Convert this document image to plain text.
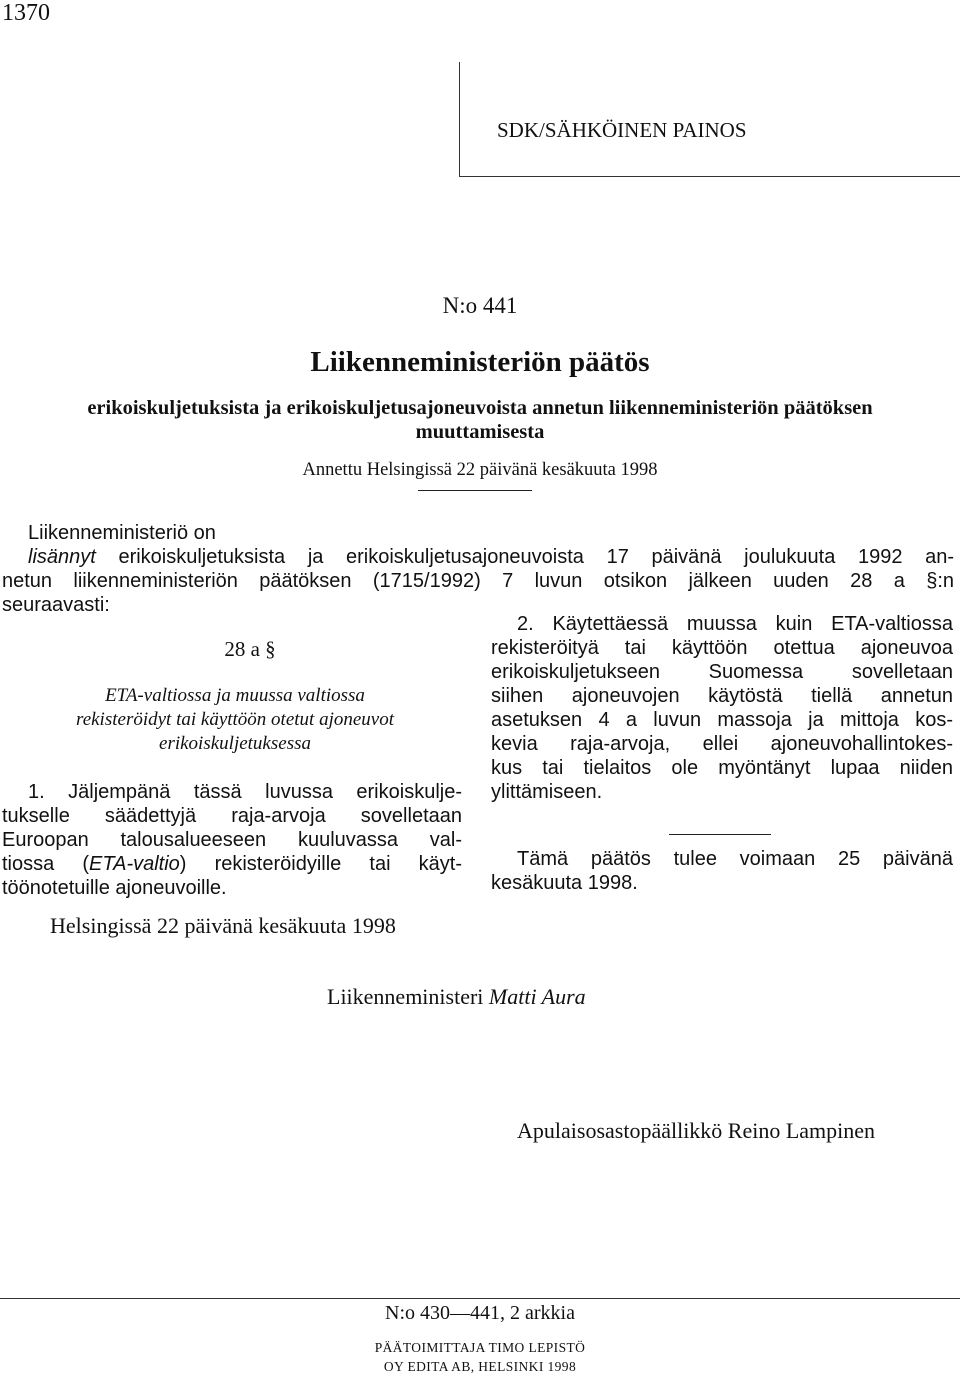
1370
SDK/SÄHKÖINEN PAINOS
N:o 441
Liikenneministeriön päätös
erikoiskuljetuksista ja erikoiskuljetusajoneuvoista annetun liikenneministeriön päätöksen
muuttamisesta
Annettu Helsingissä 22 päivänä kesäkuuta 1998
Liikenneministeriö on
lisännyt erikoiskuljetuksista ja erikoiskuljetusajoneuvoista 17 päivänä joulukuuta 1992 an-
netun liikenneministeriön päätöksen (1715/1992) 7 luvun otsikon jälkeen uuden 28 a §:n
seuraavasti:
28 a §
ETA-valtiossa ja muussa valtiossa
rekisteröidyt tai käyttöön otetut ajoneuvot
erikoiskuljetuksessa
1. Jäljempänä tässä luvussa erikoiskulje-
tukselle säädettyjä raja-arvoja sovelletaan
Euroopan talousalueeseen kuuluvassa val-
tiossa (ETA-valtio) rekisteröidyille tai käyt-
töönotetuille ajoneuvoille.
2. Käytettäessä muussa kuin ETA-valtiossa
rekisteröityä tai käyttöön otettua ajoneuvoa
erikoiskuljetukseen Suomessa sovelletaan
siihen ajoneuvojen käytöstä tiellä annetun
asetuksen 4 a luvun massoja ja mittoja kos-
kevia raja-arvoja, ellei ajoneuvohallintokes-
kus tai tielaitos ole myöntänyt lupaa niiden
ylittämiseen.
Tämä päätös tulee voimaan 25 päivänä
kesäkuuta 1998.
Helsingissä 22 päivänä kesäkuuta 1998
Liikenneministeri Matti Aura
Apulaisosastopäällikkö Reino Lampinen
N:o 430—441, 2 arkkia
PÄÄTOIMITTAJA TIMO LEPISTÖ
OY EDITA AB, HELSINKI 1998
